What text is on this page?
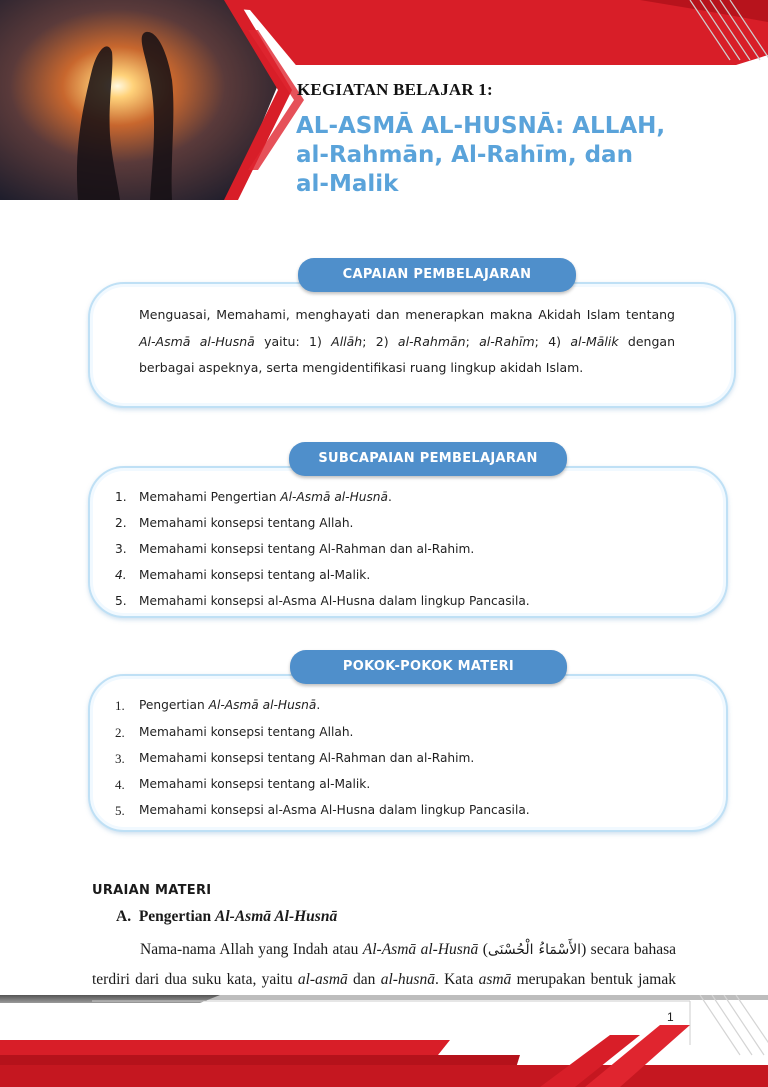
KEGIATAN BELAJAR 1:
AL-ASMĀ AL-HUSNĀ: ALLAH,
al-Rahmān, Al-Rahīm, dan
al-Malik
CAPAIAN PEMBELAJARAN
Menguasai, Memahami, menghayati dan menerapkan makna Akidah Islam tentang Al-Asmā al-Husnā yaitu: 1) Allāh; 2) al-Rahmān; al-Rahīm; 4) al-Mālik dengan berbagai aspeknya, serta mengidentifikasi ruang lingkup akidah Islam.
SUBCAPAIAN PEMBELAJARAN
1. Memahami Pengertian Al-Asmā al-Husnā.
2. Memahami konsepsi tentang Allah.
3. Memahami konsepsi tentang Al-Rahman dan al-Rahim.
4. Memahami konsepsi tentang al-Malik.
5. Memahami konsepsi al-Asma Al-Husna dalam lingkup Pancasila.
POKOK-POKOK MATERI
1. Pengertian Al-Asmā al-Husnā.
2. Memahami konsepsi tentang Allah.
3. Memahami konsepsi tentang Al-Rahman dan al-Rahim.
4. Memahami konsepsi tentang al-Malik.
5. Memahami konsepsi al-Asma Al-Husna dalam lingkup Pancasila.
URAIAN MATERI
A. Pengertian Al-Asmā Al-Husnā
Nama-nama Allah yang Indah atau Al-Asmā al-Husnā (الأَسْمَاءُ الْحُسْنَى) secara bahasa
terdiri dari dua suku kata, yaitu al-asmā dan al-husnā. Kata asmā merupakan bentuk jamak
1
